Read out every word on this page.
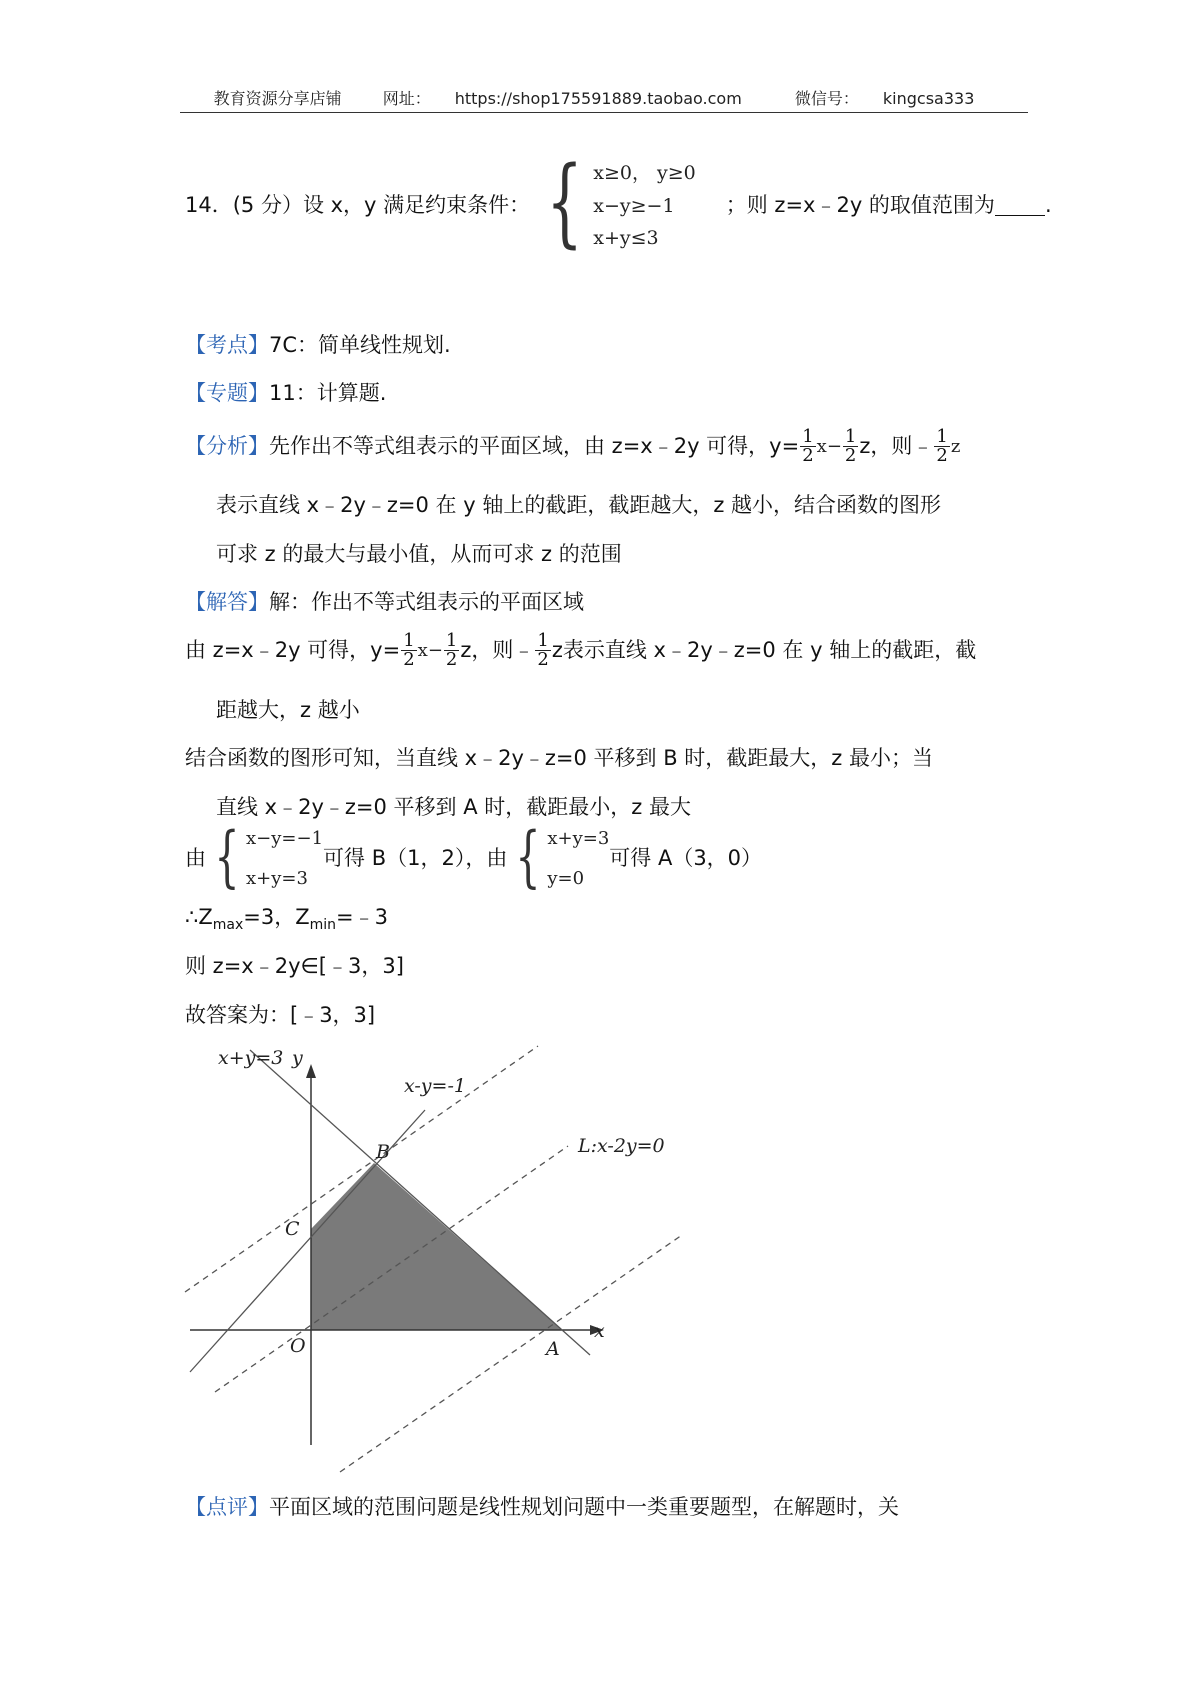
教育资源分享店铺	网址： https://shop175591889.taobao.com	微信号： kingcsa333
14．(5 分）设 x，y 满足约束条件： { x≥0， y≥0
x−y≥−1
x+y≤3
；则 z=x﹣2y 的取值范围为 .
【考点】7C：简单线性规划.
【专题】11：计算题.
【分析】 先作出不等式组表示的平面区域，由 z=x﹣2y 可得，$y= \frac{1}{2} x- \frac{1}{2}$ z，则﹣ $\frac{1}{2}$ z
表示直线 x﹣2y﹣z=0 在 y 轴上的截距，截距越大，z 越小，结合函数的图形
可求 z 的最大与最小值，从而可求 z 的范围
【解答】解：作出不等式组表示的平面区域
由 z=x﹣2y 可得，$y= \frac{1}{2} x- \frac{1}{2}$ z，则﹣ $\frac{1}{2}$ z表示直线 x﹣2y﹣z=0 在 y 轴上的截距，截
距越大，z 越小
结合函数的图形可知，当直线 x﹣2y﹣z=0 平移到 B 时，截距最大，z 最小；当
直线 x﹣2y﹣z=0 平移到 A 时，截距最小，z 最大
由 { x−y=−1
x+y=3
可得 B（1，2），由 { x+y=3
y=0
可得 A（3，0）
$\therefore Z_{max}=3$，$Z_{min}=﹣3$
则 z=x﹣2y∈[﹣3，3]
故答案为：[﹣3，3]
x+y=3 y
x-y=-1
L:x-2y=0
B
C
O	A
x
【点评】平面区域的范围问题是线性规划问题中一类重要题型，在解题时，关
